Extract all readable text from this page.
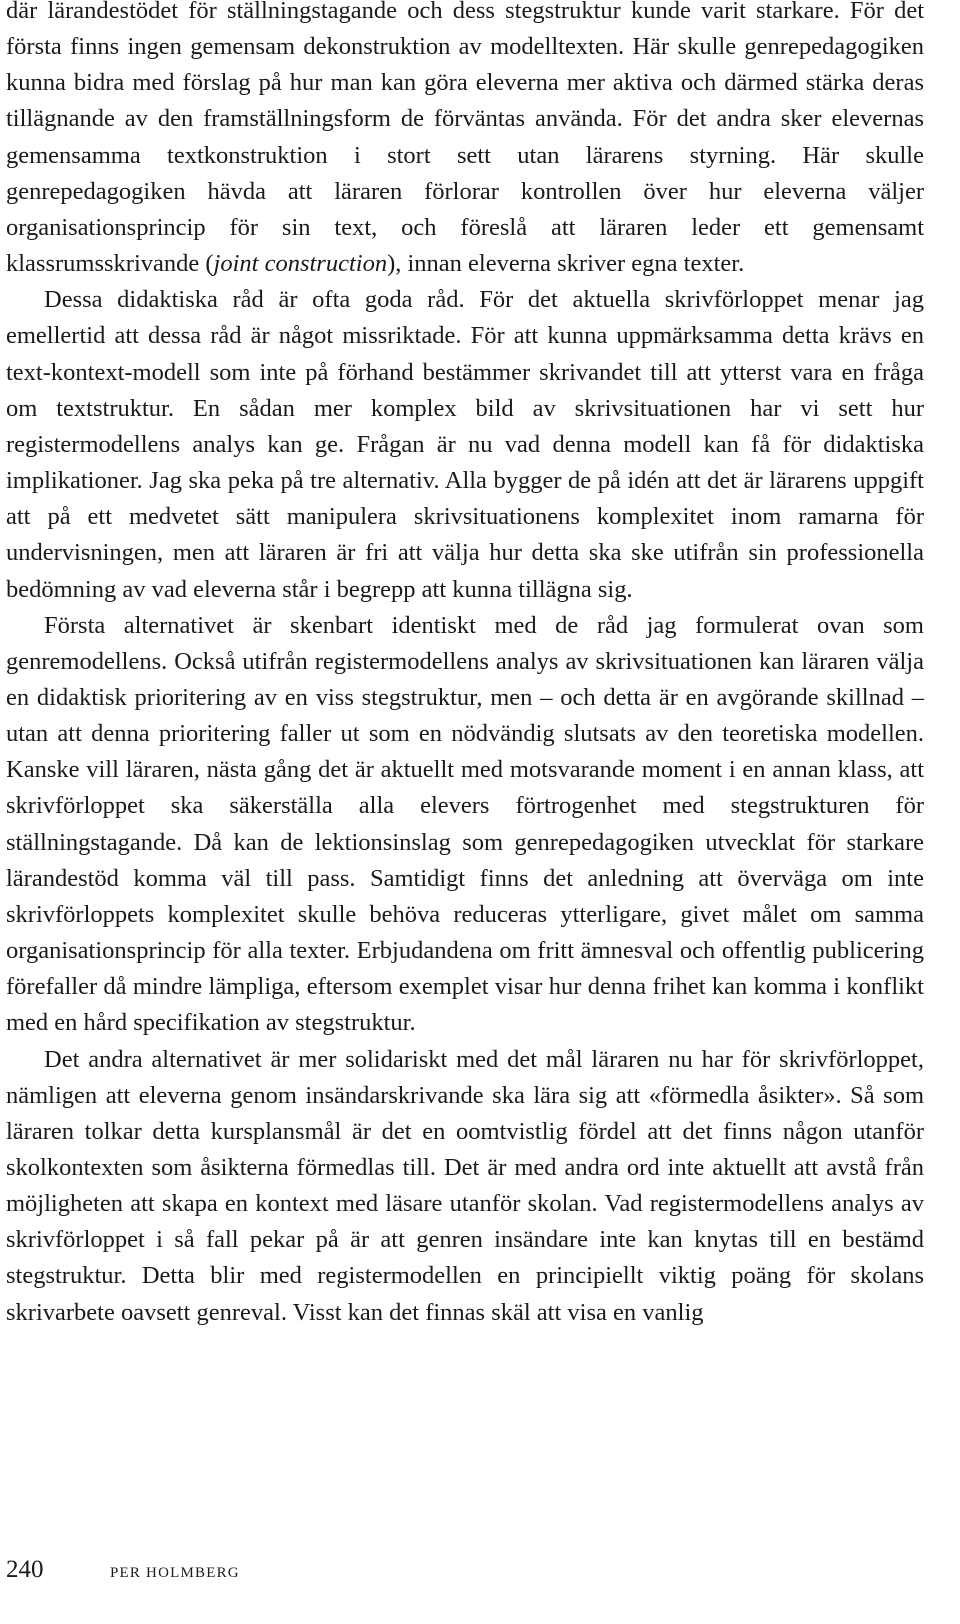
där lärandestödet för ställningstagande och dess stegstruktur kunde varit starkare. För det första finns ingen gemensam dekonstruktion av modelltexten. Här skulle genrepedagogiken kunna bidra med förslag på hur man kan göra eleverna mer aktiva och därmed stärka deras tillägnande av den framställningsform de förväntas använda. För det andra sker elevernas gemensamma textkonstruktion i stort sett utan lärarens styrning. Här skulle genrepedagogiken hävda att läraren förlorar kontrollen över hur eleverna väljer organisationsprincip för sin text, och föreslå att läraren leder ett gemensamt klassrumsskrivande (joint construction), innan eleverna skriver egna texter.

Dessa didaktiska råd är ofta goda råd. För det aktuella skrivförloppet menar jag emellertid att dessa råd är något missriktade. För att kunna uppmärksamma detta krävs en text-kontext-modell som inte på förhand bestämmer skrivandet till att ytterst vara en fråga om textstruktur. En sådan mer komplex bild av skrivsituationen har vi sett hur registermodellens analys kan ge. Frågan är nu vad denna modell kan få för didaktiska implikationer. Jag ska peka på tre alternativ. Alla bygger de på idén att det är lärarens uppgift att på ett medvetet sätt manipulera skrivsituationens komplexitet inom ramarna för undervisningen, men att läraren är fri att välja hur detta ska ske utifrån sin professionella bedömning av vad eleverna står i begrepp att kunna tillägna sig.

Första alternativet är skenbart identiskt med de råd jag formulerat ovan som genremodellens. Också utifrån registermodellens analys av skrivsituationen kan läraren välja en didaktisk prioritering av en viss stegstruktur, men – och detta är en avgörande skillnad – utan att denna prioritering faller ut som en nödvändig slutsats av den teoretiska modellen. Kanske vill läraren, nästa gång det är aktuellt med motsvarande moment i en annan klass, att skrivförloppet ska säkerställa alla elevers förtrogenhet med stegstrukturen för ställningstagande. Då kan de lektionsinslag som genrepedagogiken utvecklat för starkare lärandestöd komma väl till pass. Samtidigt finns det anledning att överväga om inte skrivförloppets komplexitet skulle behöva reduceras ytterligare, givet målet om samma organisationsprincip för alla texter. Erbjudandena om fritt ämnesval och offentlig publicering förefaller då mindre lämpliga, eftersom exemplet visar hur denna frihet kan komma i konflikt med en hård specifikation av stegstruktur.

Det andra alternativet är mer solidariskt med det mål läraren nu har för skrivförloppet, nämligen att eleverna genom insändarskrivande ska lära sig att «förmedla åsikter». Så som läraren tolkar detta kursplansmål är det en oomtvistlig fördel att det finns någon utanför skolkontexten som åsikterna förmedlas till. Det är med andra ord inte aktuellt att avstå från möjligheten att skapa en kontext med läsare utanför skolan. Vad registermodellens analys av skrivförloppet i så fall pekar på är att genren insändare inte kan knytas till en bestämd stegstruktur. Detta blir med registermodellen en principiellt viktig poäng för skolans skrivarbete oavsett genreval. Visst kan det finnas skäl att visa en vanlig

240	PER HOLMBERG
